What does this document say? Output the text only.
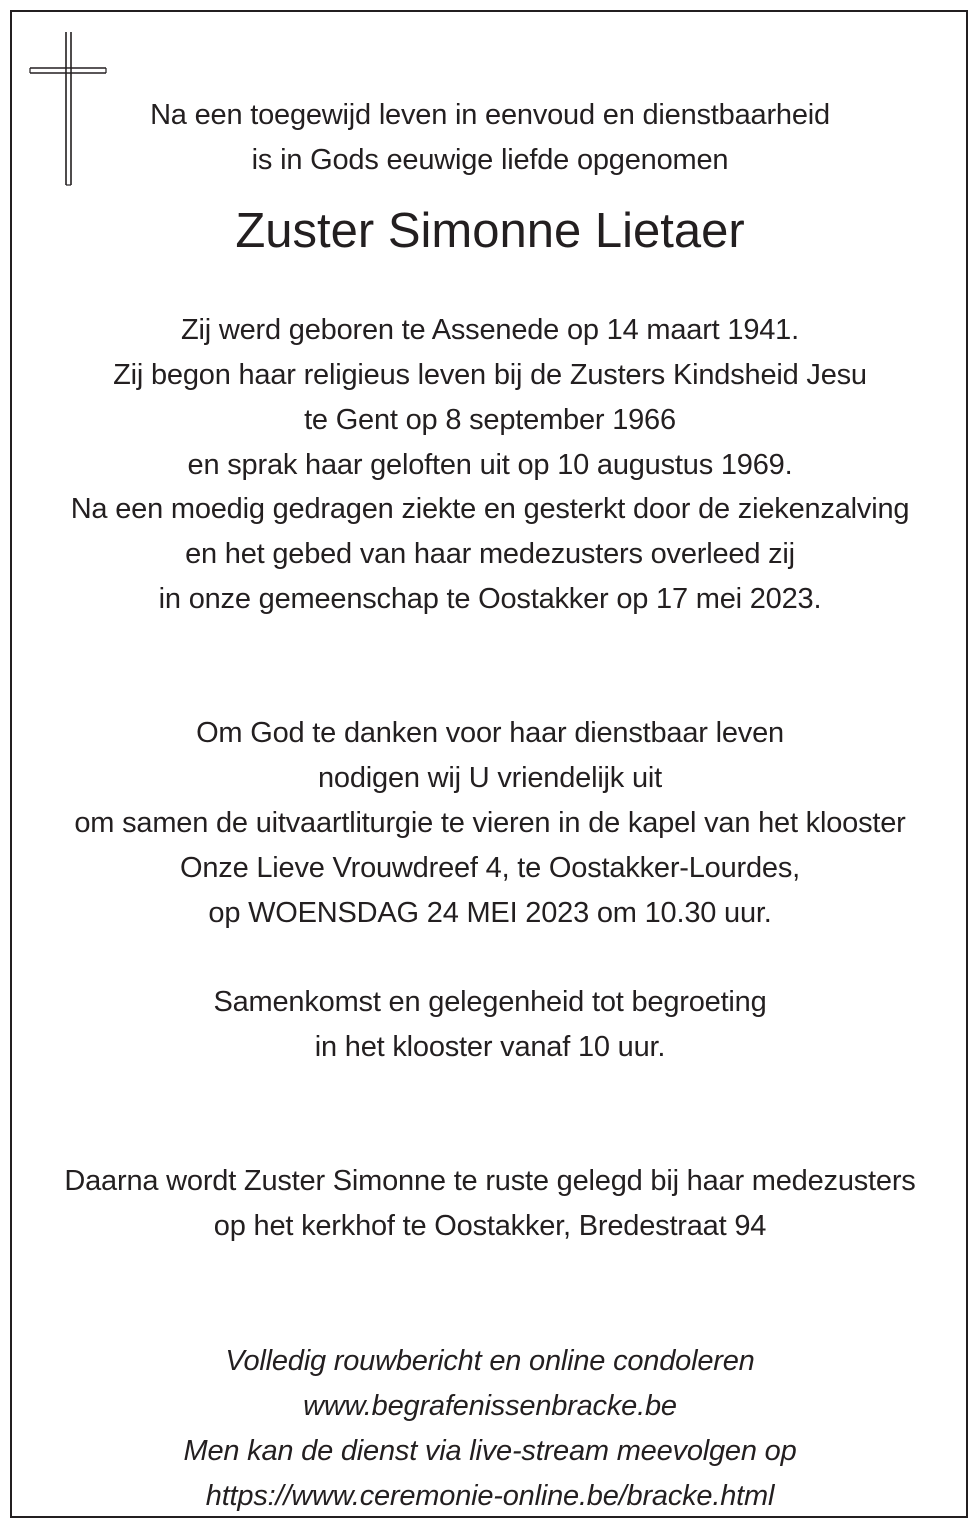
Na een toegewijd leven in eenvoud en dienstbaarheid
is in Gods eeuwige liefde opgenomen
Zuster Simonne Lietaer
Zij werd geboren te Assenede op 14 maart 1941.
Zij begon haar religieus leven bij de Zusters Kindsheid Jesu
te Gent op 8 september 1966
en sprak haar geloften uit op 10 augustus 1969.
Na een moedig gedragen ziekte en gesterkt door de ziekenzalving
en het gebed van haar medezusters overleed zij
in onze gemeenschap te Oostakker op 17 mei 2023.
Om God te danken voor haar dienstbaar leven
nodigen wij U vriendelijk uit
om samen de uitvaartliturgie te vieren in de kapel van het klooster
Onze Lieve Vrouwdreef 4, te Oostakker-Lourdes,
op WOENSDAG 24 MEI 2023 om 10.30 uur.
Samenkomst en gelegenheid tot begroeting
in het klooster vanaf 10 uur.
Daarna wordt Zuster Simonne te ruste gelegd bij haar medezusters
op het kerkhof te Oostakker, Bredestraat 94
Volledig rouwbericht en online condoleren
www.begrafenissenbracke.be
Men kan de dienst via live-stream meevolgen op
https://www.ceremonie-online.be/bracke.html
